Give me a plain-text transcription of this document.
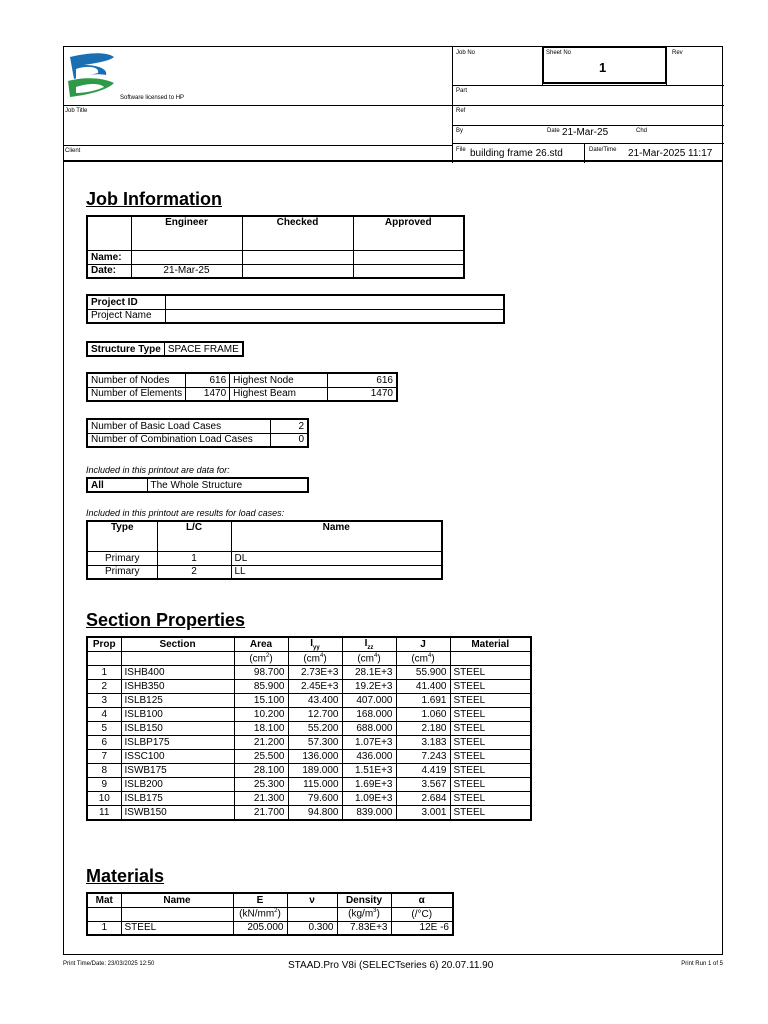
Software licensed to HP
Job Title
Client
Job No	Sheet No
1
Rev
Part
Ref
By	Date 21-Mar-25	Chd
File building frame 26.std	Date/Time 21-Mar-2025 11:17
Job Information
	Engineer	Checked	Approved
Name:			
Date:	21-Mar-25		
Project ID	
Project Name	
Structure Type	SPACE FRAME
Number of Nodes	616	Highest Node	616
Number of Elements	1470	Highest Beam	1470
Number of Basic Load Cases	2
Number of Combination Load Cases	0
Included in this printout are data for:
All	The Whole Structure
Included in this printout are results for load cases:
Type	L/C	Name
Primary	1	DL
Primary	2	LL
Section Properties
Prop	Section	Area	$I_{yy}$	$I_{zz}$	J	Material
		$(cm^2)$	$(cm^4)$	$(cm^4)$	$(cm^4)$	
1	ISHB400	98.700	2.73E+3	28.1E+3	55.900	STEEL
2	ISHB350	85.900	2.45E+3	19.2E+3	41.400	STEEL
3	ISLB125	15.100	43.400	407.000	1.691	STEEL
4	ISLB100	10.200	12.700	168.000	1.060	STEEL
5	ISLB150	18.100	55.200	688.000	2.180	STEEL
6	ISLBP175	21.200	57.300	1.07E+3	3.183	STEEL
7	ISSC100	25.500	136.000	436.000	7.243	STEEL
8	ISWB175	28.100	189.000	1.51E+3	4.419	STEEL
9	ISLB200	25.300	115.000	1.69E+3	3.567	STEEL
10	ISLB175	21.300	79.600	1.09E+3	2.684	STEEL
11	ISWB150	21.700	94.800	839.000	3.001	STEEL
Materials
Mat	Name	E	ν	Density	α
		$(kN/mm^2)$		$(kg/m^3)$	(/°C)
1	STEEL	205.000	0.300	7.83E+3	12E -6
Print Time/Date: 23/03/2025 12:50	STAAD.Pro V8i (SELECTseries 6) 20.07.11.90	Print Run 1 of 5
